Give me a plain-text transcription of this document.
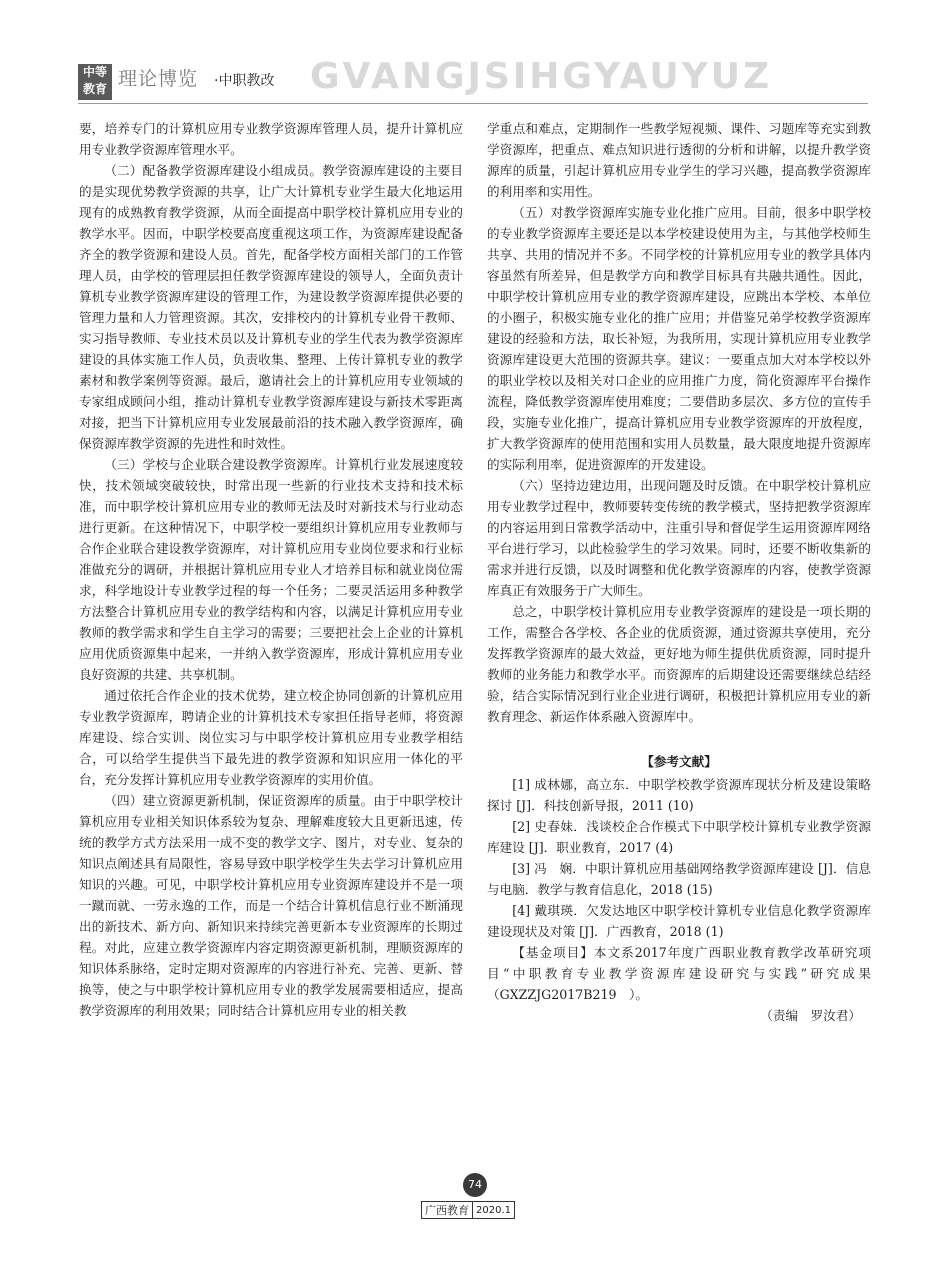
中等
教育	GVANGJSIHGYAUYUZ
理论博览 ·中职教改

要，培养专门的计算机应用专业教学资源库管理人员，提升计算机应用专业教学资源库管理水平。

（二）配备教学资源库建设小组成员。教学资源库建设的主要目的是实现优势教学资源的共享，让广大计算机专业学生最大化地运用现有的成熟教育教学资源，从而全面提高中职学校计算机应用专业的教学水平。因而，中职学校要高度重视这项工作，为资源库建设配备齐全的教学资源和建设人员。首先，配备学校方面相关部门的工作管理人员，由学校的管理层担任教学资源库建设的领导人，全面负责计算机专业教学资源库建设的管理工作，为建设教学资源库提供必要的管理力量和人力管理资源。其次，安排校内的计算机专业骨干教师、实习指导教师、专业技术员以及计算机专业的学生代表为教学资源库建设的具体实施工作人员，负责收集、整理、上传计算机专业的教学素材和教学案例等资源。最后，邀请社会上的计算机应用专业领域的专家组成顾问小组，推动计算机专业教学资源库建设与新技术零距离对接，把当下计算机应用专业发展最前沿的技术融入教学资源库，确保资源库教学资源的先进性和时效性。

（三）学校与企业联合建设教学资源库。计算机行业发展速度较快，技术领域突破较快，时常出现一些新的行业技术支持和技术标准，而中职学校计算机应用专业的教师无法及时对新技术与行业动态进行更新。在这种情况下，中职学校一要组织计算机应用专业教师与合作企业联合建设教学资源库，对计算机应用专业岗位要求和行业标准做充分的调研，并根据计算机应用专业人才培养目标和就业岗位需求，科学地设计专业教学过程的每一个任务；二要灵活运用多种教学方法整合计算机应用专业的教学结构和内容，以满足计算机应用专业教师的教学需求和学生自主学习的需要；三要把社会上企业的计算机应用优质资源集中起来，一并纳入教学资源库，形成计算机应用专业良好资源的共建、共享机制。

通过依托合作企业的技术优势，建立校企协同创新的计算机应用专业教学资源库，聘请企业的计算机技术专家担任指导老师，将资源库建设、综合实训、岗位实习与中职学校计算机应用专业教学相结合，可以给学生提供当下最先进的教学资源和知识应用一体化的平台，充分发挥计算机应用专业教学资源库的实用价值。

（四）建立资源更新机制，保证资源库的质量。由于中职学校计算机应用专业相关知识体系较为复杂、理解难度较大且更新迅速，传统的教学方式方法采用一成不变的教学文字、图片，对专业、复杂的知识点阐述具有局限性，容易导致中职学校学生失去学习计算机应用知识的兴趣。可见，中职学校计算机应用专业资源库建设并不是一项一蹴而就、一劳永逸的工作，而是一个结合计算机信息行业不断涌现出的新技术、新方向、新知识来持续完善更新本专业资源库的长期过程。对此，应建立教学资源库内容定期资源更新机制，理顺资源库的知识体系脉络，定时定期对资源库的内容进行补充、完善、更新、替换等，使之与中职学校计算机应用专业的教学发展需要相适应，提高教学资源库的利用效果；同时结合计算机应用专业的相关教

学重点和难点，定期制作一些教学短视频、课件、习题库等充实到教学资源库，把重点、难点知识进行透彻的分析和讲解，以提升教学资源库的质量，引起计算机应用专业学生的学习兴趣，提高教学资源库的利用率和实用性。

（五）对教学资源库实施专业化推广应用。目前，很多中职学校的专业教学资源库主要还是以本学校建设使用为主，与其他学校师生共享、共用的情况并不多。不同学校的计算机应用专业的教学具体内容虽然有所差异，但是教学方向和教学目标具有共融共通性。因此，中职学校计算机应用专业的教学资源库建设，应跳出本学校、本单位的小圈子，积极实施专业化的推广应用；并借鉴兄弟学校教学资源库建设的经验和方法，取长补短，为我所用，实现计算机应用专业教学资源库建设更大范围的资源共享。建议：一要重点加大对本学校以外的职业学校以及相关对口企业的应用推广力度，简化资源库平台操作流程，降低教学资源库使用难度；二要借助多层次、多方位的宣传手段，实施专业化推广，提高计算机应用专业教学资源库的开放程度，扩大教学资源库的使用范围和实用人员数量，最大限度地提升资源库的实际利用率，促进资源库的开发建设。

（六）坚持边建边用，出现问题及时反馈。在中职学校计算机应用专业教学过程中，教师要转变传统的教学模式，坚持把教学资源库的内容运用到日常教学活动中，注重引导和督促学生运用资源库网络平台进行学习，以此检验学生的学习效果。同时，还要不断收集新的需求并进行反馈，以及时调整和优化教学资源库的内容，使教学资源库真正有效服务于广大师生。

总之，中职学校计算机应用专业教学资源库的建设是一项长期的工作，需整合各学校、各企业的优质资源，通过资源共享使用，充分发挥教学资源库的最大效益，更好地为师生提供优质资源，同时提升教师的业务能力和教学水平。而资源库的后期建设还需要继续总结经验，结合实际情况到行业企业进行调研，积极把计算机应用专业的新教育理念、新运作体系融入资源库中。

【参考文献】

[1] 成林娜，高立东．中职学校教学资源库现状分析及建设策略探讨 [J]．科技创新导报，2011 (10)

[2] 史春妹．浅谈校企合作模式下中职学校计算机专业教学资源库建设 [J]．职业教育，2017 (4)

[3] 冯　娴．中职计算机应用基础网络教学资源库建设 [J]．信息与电脑．教学与教育信息化，2018 (15)

[4] 戴琪瑛．欠发达地区中职学校计算机专业信息化教学资源库建设现状及对策 [J]．广西教育，2018 (1)

【基金项目】本文系2017年度广西职业教育教学改革研究项目“中职教育专业教学资源库建设研究与实践”研究成果（GXZZJG2017B219　）。

（责编　罗汝君）

74
广西教育 2020.1
